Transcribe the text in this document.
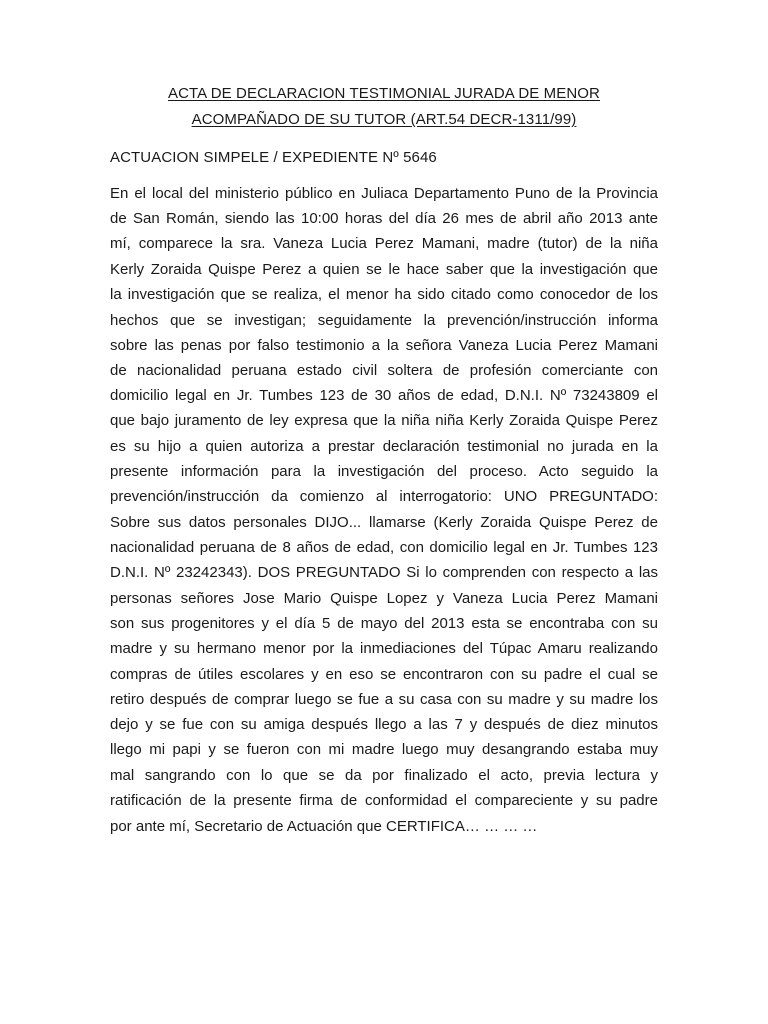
ACTA DE DECLARACION TESTIMONIAL JURADA DE MENOR
ACOMPAÑADO DE SU TUTOR (ART.54 DECR-1311/99)
ACTUACION SIMPELE / EXPEDIENTE Nº 5646
En el local del ministerio público en Juliaca Departamento Puno de la Provincia
de San Román, siendo las 10:00 horas del día 26 mes de abril año 2013 ante
mí, comparece la sra. Vaneza Lucia Perez Mamani, madre (tutor) de la niña
Kerly Zoraida Quispe Perez a quien se le hace saber que la investigación que
la investigación que se realiza, el menor ha sido citado como conocedor de los
hechos que se investigan; seguidamente la prevención/instrucción informa
sobre las penas por falso testimonio a la señora Vaneza Lucia Perez Mamani
de nacionalidad peruana estado civil soltera de profesión comerciante con
domicilio legal en Jr. Tumbes 123 de 30 años de edad, D.N.I. Nº 73243809 el
que bajo juramento de ley expresa que la niña niña Kerly Zoraida Quispe Perez
es su hijo a quien autoriza a prestar declaración testimonial no jurada en la
presente información para la investigación del proceso. Acto seguido la
prevención/instrucción da comienzo al interrogatorio: UNO PREGUNTADO:
Sobre sus datos personales DIJO... llamarse (Kerly Zoraida Quispe Perez de
nacionalidad peruana de 8 años de edad, con domicilio legal en Jr. Tumbes 123
D.N.I. Nº 23242343). DOS PREGUNTADO Si lo comprenden con respecto a las
personas señores Jose Mario Quispe Lopez y Vaneza Lucia Perez Mamani
son sus progenitores y el día 5 de mayo del 2013 esta se encontraba con su
madre y su hermano menor por la inmediaciones del Túpac Amaru realizando
compras de útiles escolares y en eso se encontraron con su padre el cual se
retiro después de comprar luego se fue a su casa con su madre y su madre los
dejo y se fue con su amiga después llego a las 7 y después de diez minutos
llego mi papi y se fueron con mi madre luego muy desangrando estaba muy
mal sangrando con lo que se da por finalizado el acto, previa lectura y
ratificación de la presente firma de conformidad el compareciente y su padre
por ante mí, Secretario de Actuación que CERTIFICA… … … …
